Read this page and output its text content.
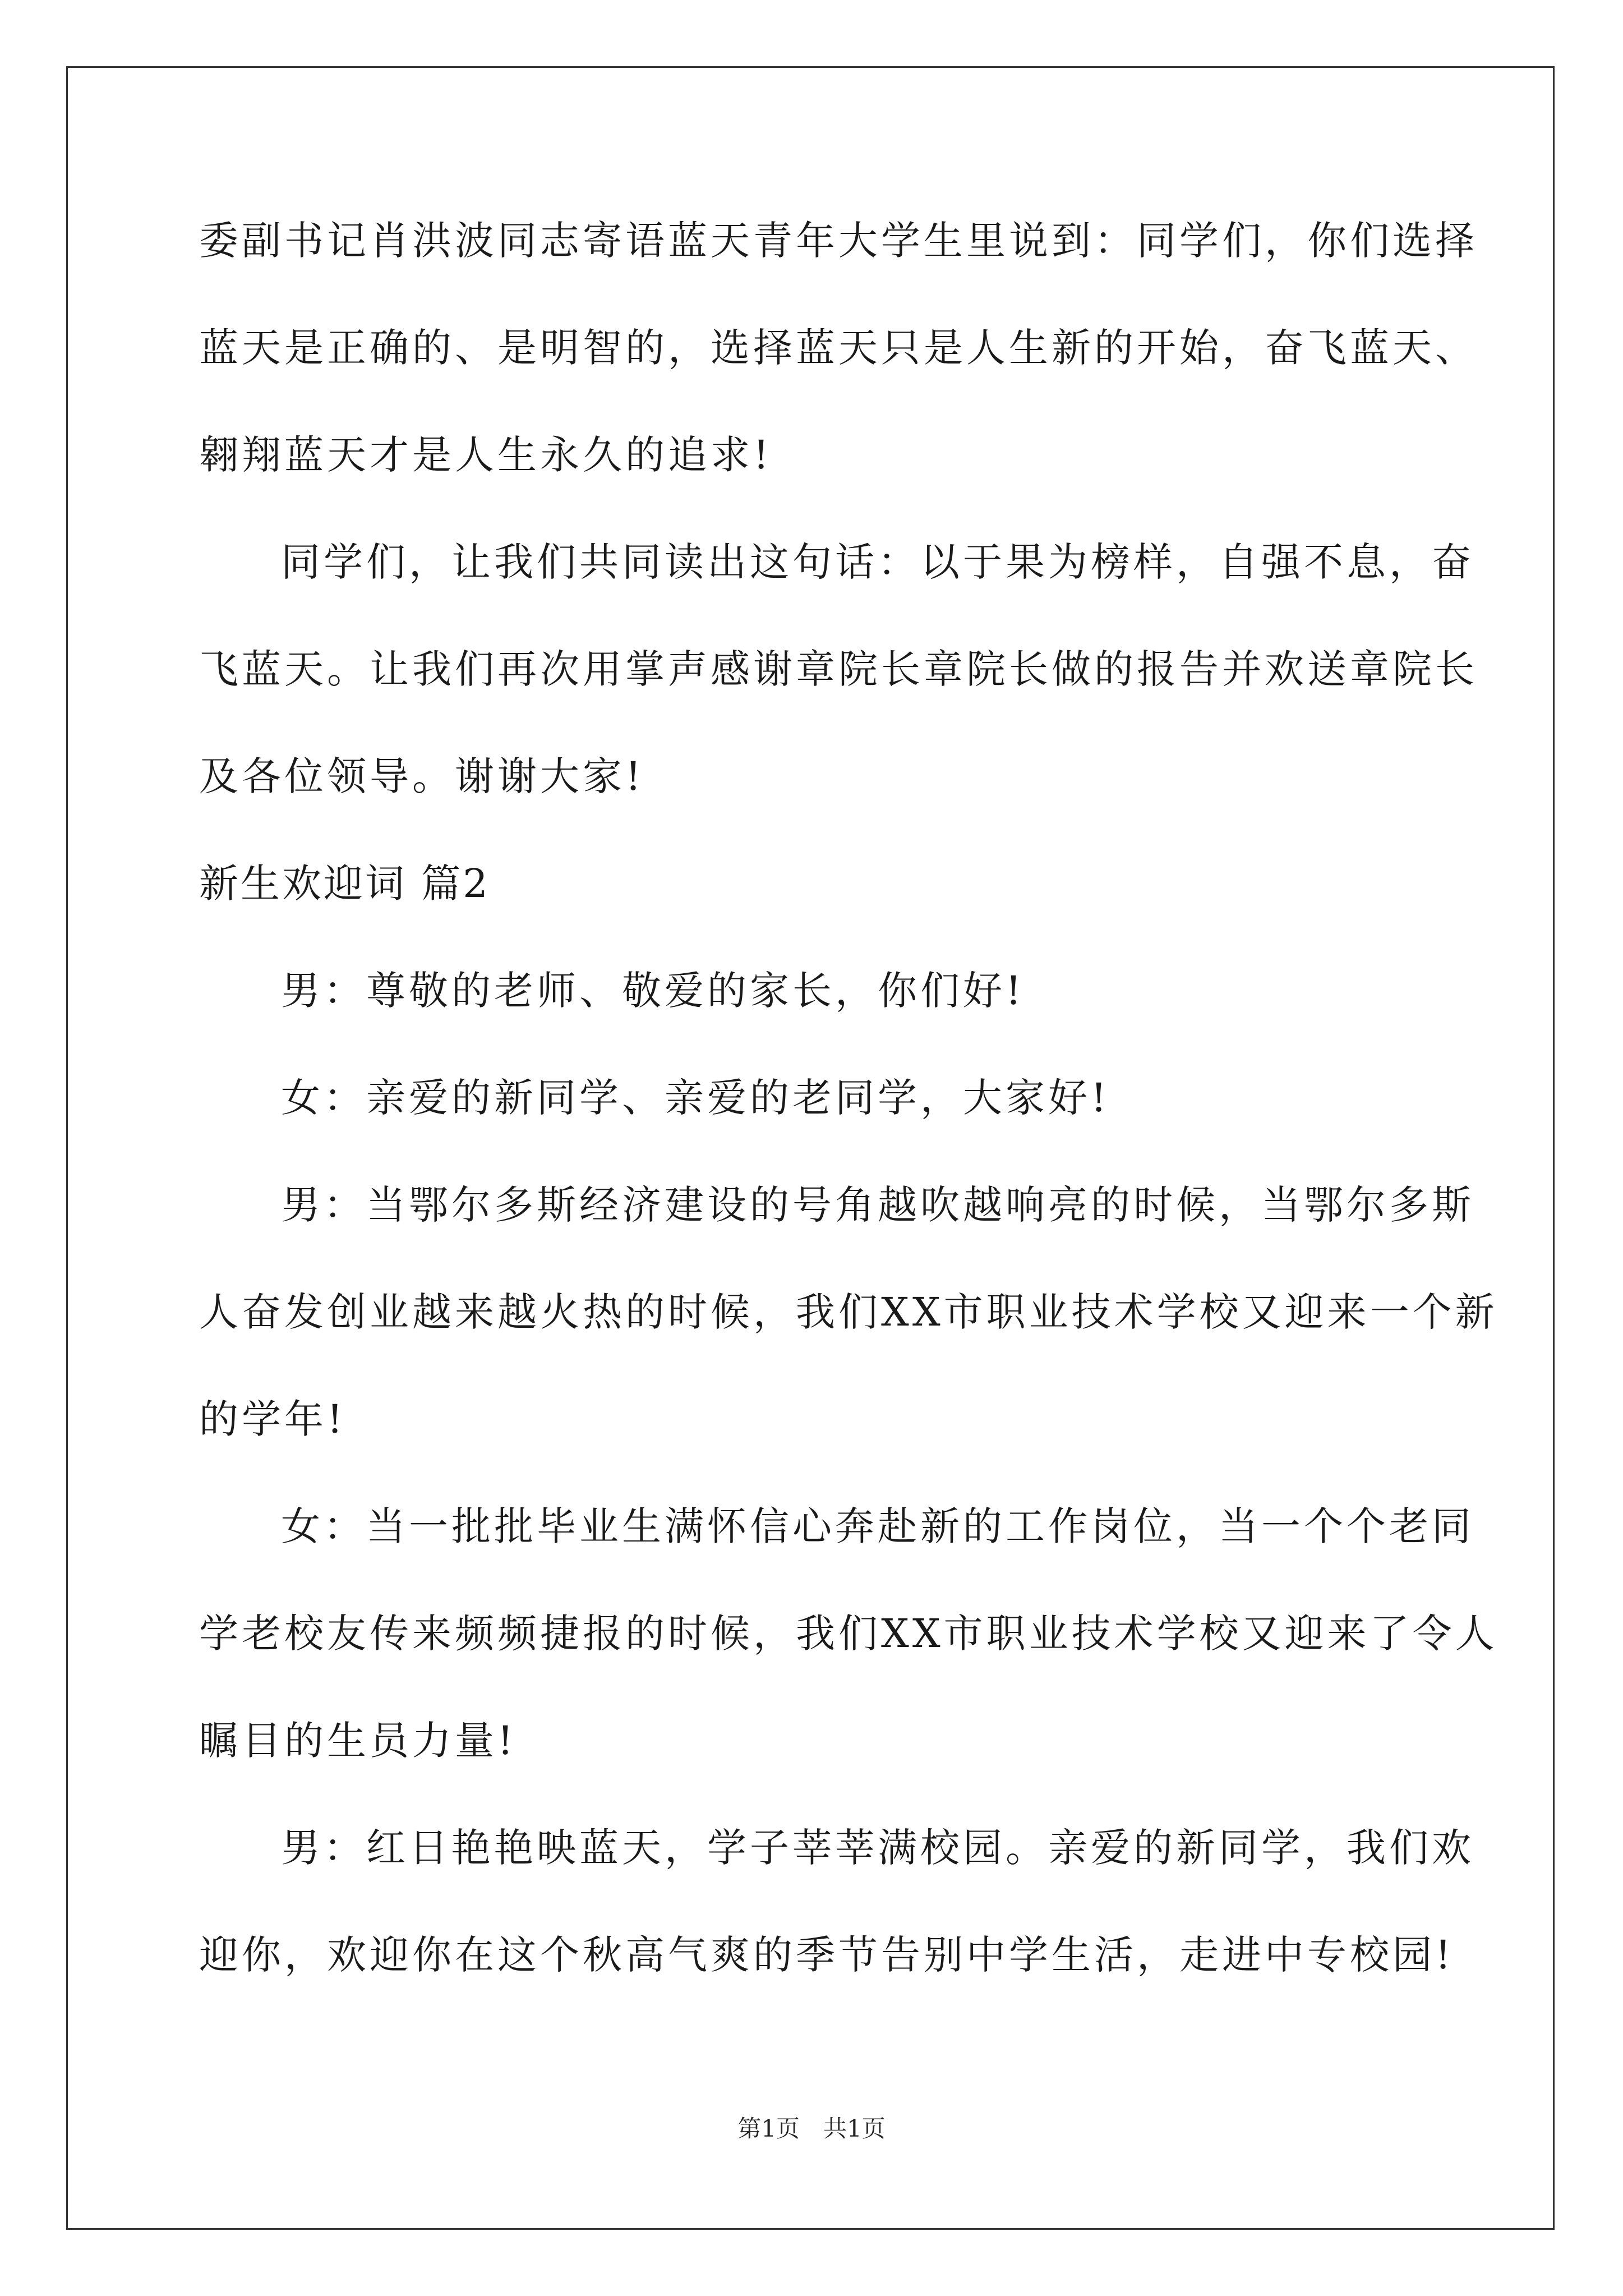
委副书记肖洪波同志寄语蓝天青年大学生里说到：同学们，你们选择
蓝天是正确的、是明智的，选择蓝天只是人生新的开始，奋飞蓝天、
翱翔蓝天才是人生永久的追求!
同学们，让我们共同读出这句话：以于果为榜样，自强不息，奋
飞蓝天。让我们再次用掌声感谢章院长章院长做的报告并欢送章院长
及各位领导。谢谢大家!
新生欢迎词 篇2
男：尊敬的老师、敬爱的家长，你们好!
女：亲爱的新同学、亲爱的老同学，大家好!
男：当鄂尔多斯经济建设的号角越吹越响亮的时候，当鄂尔多斯
人奋发创业越来越火热的时候，我们XX市职业技术学校又迎来一个新
的学年!
女：当一批批毕业生满怀信心奔赴新的工作岗位，当一个个老同
学老校友传来频频捷报的时候，我们XX市职业技术学校又迎来了令人
瞩目的生员力量!
男：红日艳艳映蓝天，学子莘莘满校园。亲爱的新同学，我们欢
迎你，欢迎你在这个秋高气爽的季节告别中学生活，走进中专校园!
第1页　共1页
